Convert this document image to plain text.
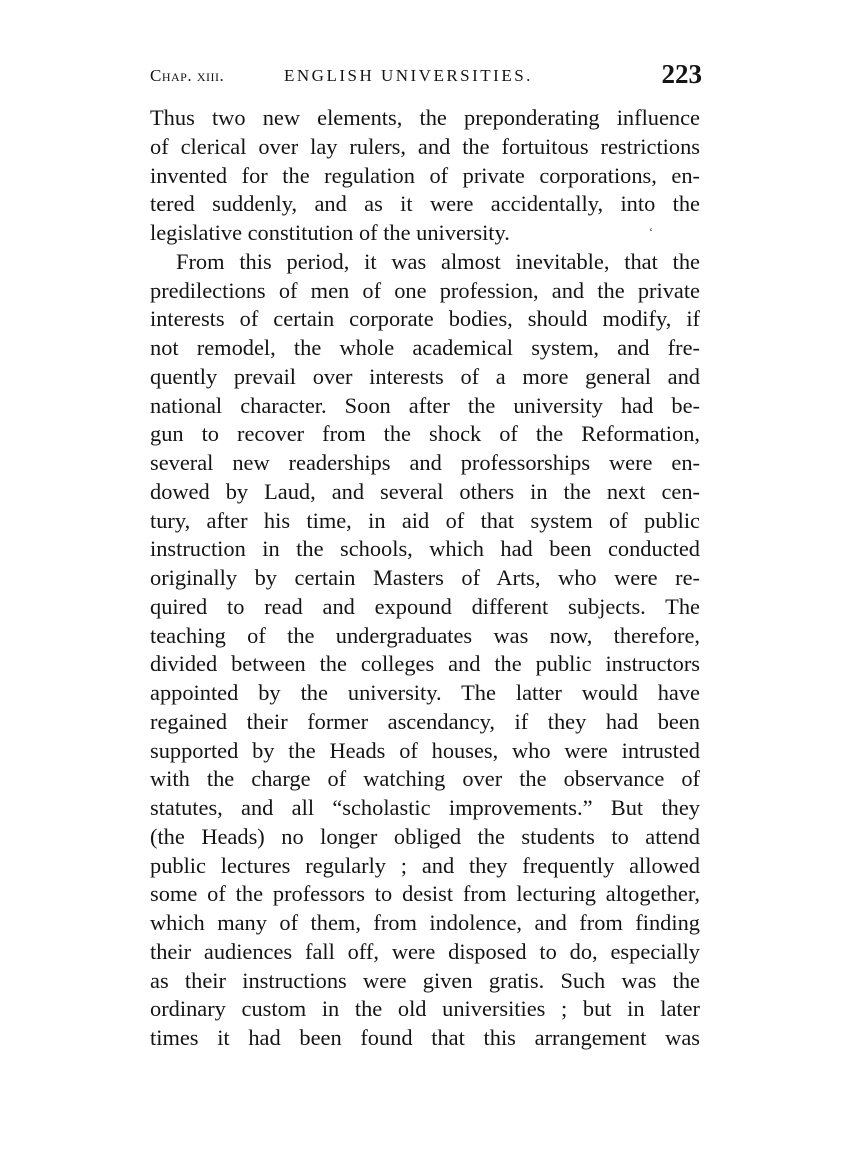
Chap. xiii.	ENGLISH UNIVERSITIES.	223

Thus two new elements, the preponderating influence
of clerical over lay rulers, and the fortuitous restrictions
invented for the regulation of private corporations, en-
tered suddenly, and as it were accidentally, into the
legislative constitution of the university.

From this period, it was almost inevitable, that the
predilections of men of one profession, and the private
interests of certain corporate bodies, should modify, if
not remodel, the whole academical system, and fre-
quently prevail over interests of a more general and
national character. Soon after the university had be-
gun to recover from the shock of the Reformation,
several new readerships and professorships were en-
dowed by Laud, and several others in the next cen-
tury, after his time, in aid of that system of public
instruction in the schools, which had been conducted
originally by certain Masters of Arts, who were re-
quired to read and expound different subjects. The
teaching of the undergraduates was now, therefore,
divided between the colleges and the public instructors
appointed by the university. The latter would have
regained their former ascendancy, if they had been
supported by the Heads of houses, who were intrusted
with the charge of watching over the observance of
statutes, and all “scholastic improvements.” But they
(the Heads) no longer obliged the students to attend
public lectures regularly ; and they frequently allowed
some of the professors to desist from lecturing altogether,
which many of them, from indolence, and from finding
their audiences fall off, were disposed to do, especially
as their instructions were given gratis. Such was the
ordinary custom in the old universities ; but in later
times it had been found that this arrangement was

ʻ
